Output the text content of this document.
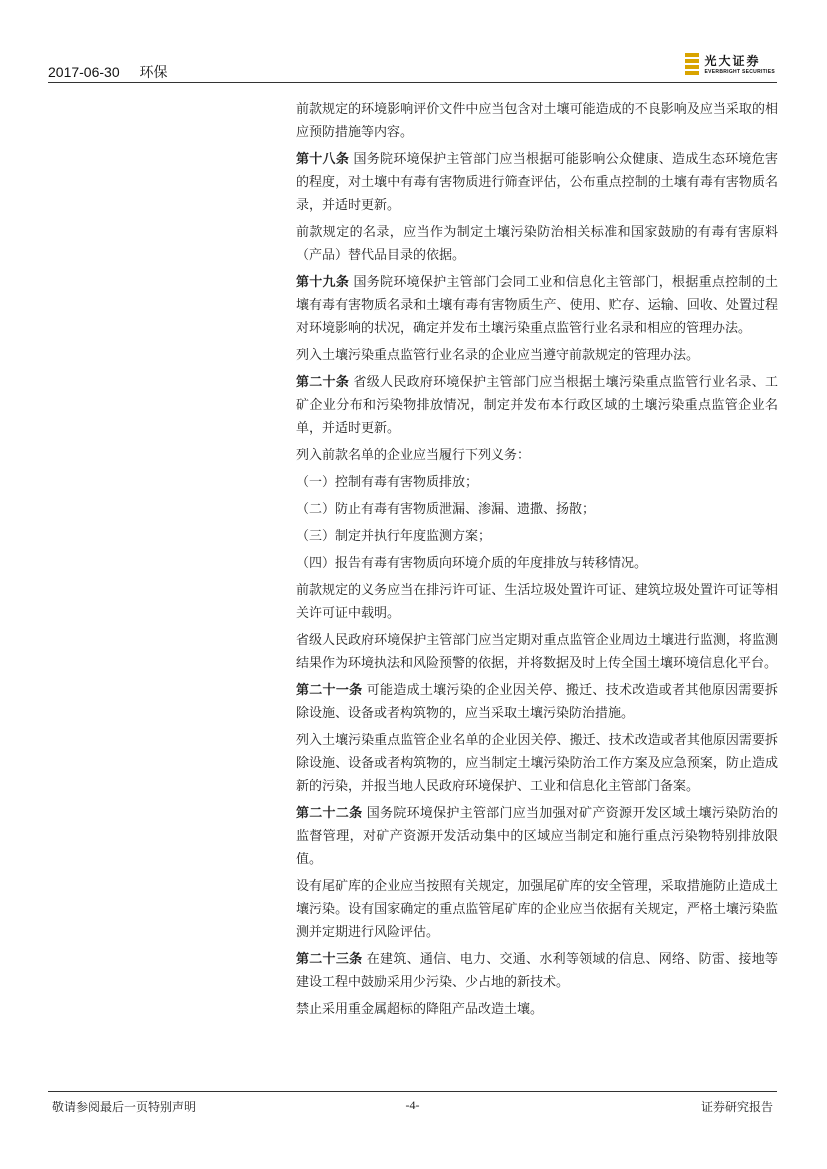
2017-06-30 环保
光大证券
EVERBRIGHT SECURITIES

前款规定的环境影响评价文件中应当包含对土壤可能造成的不良影响及应当采取的相应预防措施等内容。

第十八条 国务院环境保护主管部门应当根据可能影响公众健康、造成生态环境危害的程度，对土壤中有毒有害物质进行筛查评估，公布重点控制的土壤有毒有害物质名录，并适时更新。

前款规定的名录，应当作为制定土壤污染防治相关标准和国家鼓励的有毒有害原料（产品）替代品目录的依据。

第十九条 国务院环境保护主管部门会同工业和信息化主管部门，根据重点控制的土壤有毒有害物质名录和土壤有毒有害物质生产、使用、贮存、运输、回收、处置过程对环境影响的状况，确定并发布土壤污染重点监管行业名录和相应的管理办法。

列入土壤污染重点监管行业名录的企业应当遵守前款规定的管理办法。

第二十条 省级人民政府环境保护主管部门应当根据土壤污染重点监管行业名录、工矿企业分布和污染物排放情况，制定并发布本行政区域的土壤污染重点监管企业名单，并适时更新。

列入前款名单的企业应当履行下列义务：

（一）控制有毒有害物质排放；

（二）防止有毒有害物质泄漏、渗漏、遗撒、扬散；

（三）制定并执行年度监测方案；

（四）报告有毒有害物质向环境介质的年度排放与转移情况。

前款规定的义务应当在排污许可证、生活垃圾处置许可证、建筑垃圾处置许可证等相关许可证中载明。

省级人民政府环境保护主管部门应当定期对重点监管企业周边土壤进行监测，将监测结果作为环境执法和风险预警的依据，并将数据及时上传全国土壤环境信息化平台。

第二十一条 可能造成土壤污染的企业因关停、搬迁、技术改造或者其他原因需要拆除设施、设备或者构筑物的，应当采取土壤污染防治措施。

列入土壤污染重点监管企业名单的企业因关停、搬迁、技术改造或者其他原因需要拆除设施、设备或者构筑物的，应当制定土壤污染防治工作方案及应急预案，防止造成新的污染，并报当地人民政府环境保护、工业和信息化主管部门备案。

第二十二条 国务院环境保护主管部门应当加强对矿产资源开发区域土壤污染防治的监督管理，对矿产资源开发活动集中的区域应当制定和施行重点污染物特别排放限值。

设有尾矿库的企业应当按照有关规定，加强尾矿库的安全管理，采取措施防止造成土壤污染。设有国家确定的重点监管尾矿库的企业应当依据有关规定，严格土壤污染监测并定期进行风险评估。

第二十三条 在建筑、通信、电力、交通、水利等领域的信息、网络、防雷、接地等建设工程中鼓励采用少污染、少占地的新技术。

禁止采用重金属超标的降阻产品改造土壤。

敬请参阅最后一页特别声明	-4-	证券研究报告
